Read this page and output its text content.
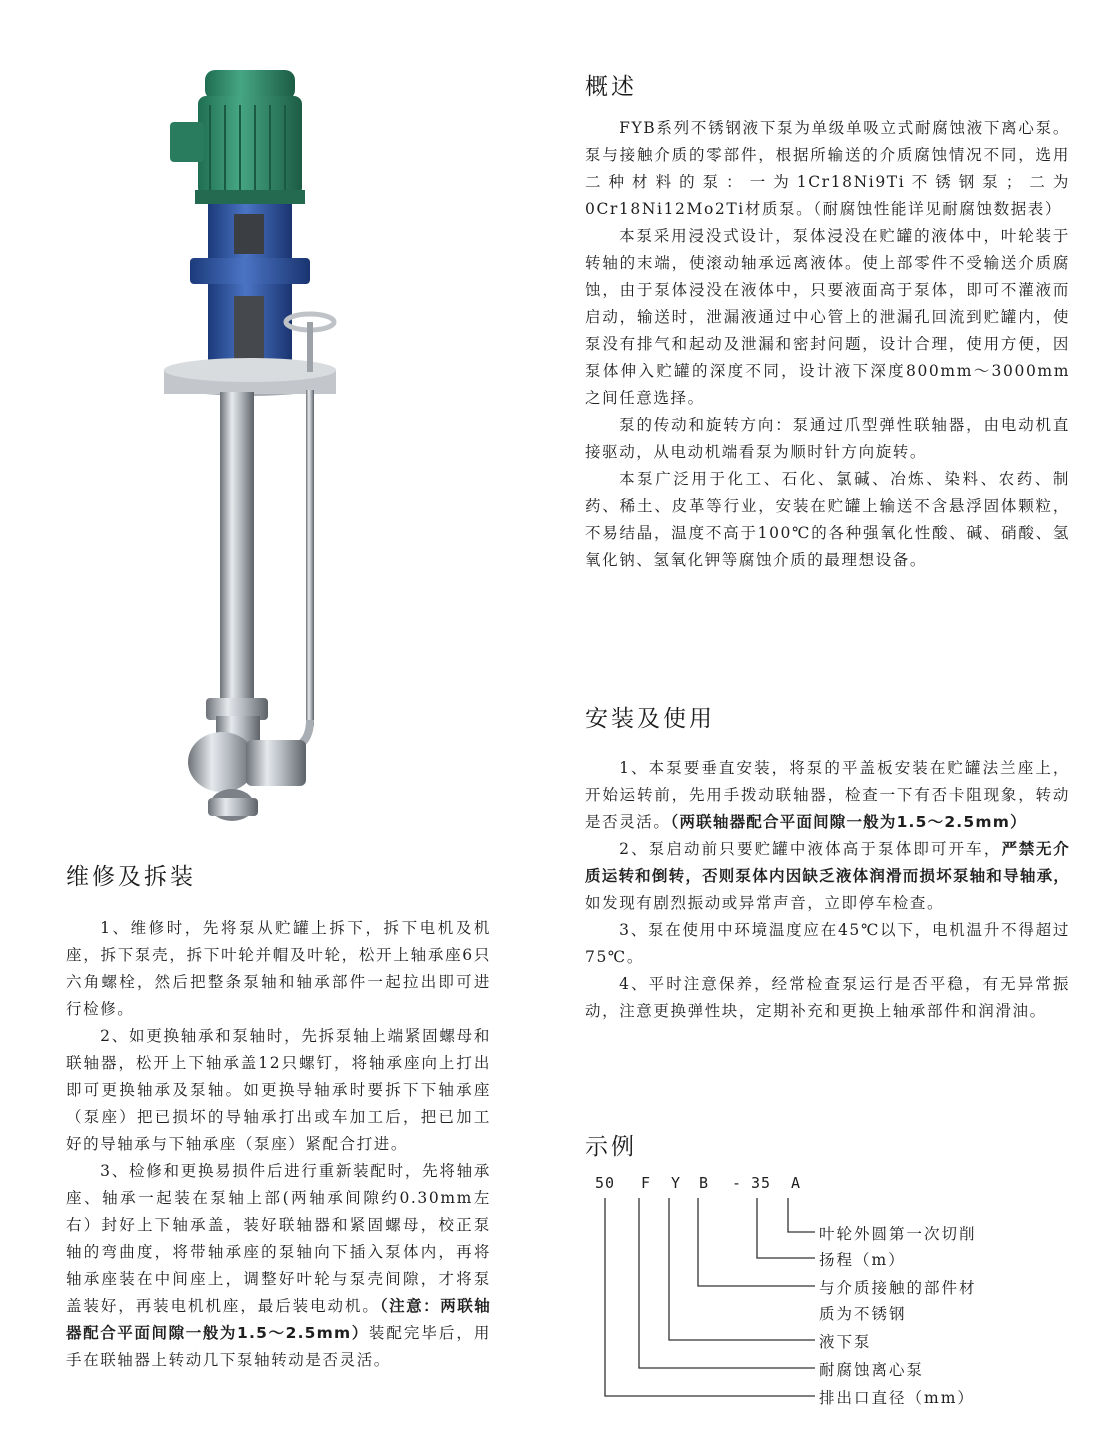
概述

FYB系列不锈钢液下泵为单级单吸立式耐腐蚀液下离心泵。泵与接触介质的零部件，根据所输送的介质腐蚀情况不同，选用二种材料的泵：一为1Cr18Ni9Ti不锈钢泵；二为0Cr18Ni12Mo2Ti材质泵。（耐腐蚀性能详见耐腐蚀数据表）

本泵采用浸没式设计，泵体浸没在贮罐的液体中，叶轮装于转轴的末端，使滚动轴承远离液体。使上部零件不受输送介质腐蚀，由于泵体浸没在液体中，只要液面高于泵体，即可不灌液而启动，输送时，泄漏液通过中心管上的泄漏孔回流到贮罐内，使泵没有排气和起动及泄漏和密封问题，设计合理，使用方便，因泵体伸入贮罐的深度不同，设计液下深度800mm～3000mm之间任意选择。

泵的传动和旋转方向：泵通过爪型弹性联轴器，由电动机直接驱动，从电动机端看泵为顺时针方向旋转。

本泵广泛用于化工、石化、氯碱、冶炼、染料、农药、制药、稀土、皮革等行业，安装在贮罐上输送不含悬浮固体颗粒，不易结晶，温度不高于100℃的各种强氧化性酸、碱、硝酸、氢氧化钠、氢氧化钾等腐蚀介质的最理想设备。

安装及使用

1、本泵要垂直安装，将泵的平盖板安装在贮罐法兰座上，开始运转前，先用手拨动联轴器，检查一下有否卡阻现象，转动是否灵活。（两联轴器配合平面间隙一般为1.5～2.5mm）

2、泵启动前只要贮罐中液体高于泵体即可开车，严禁无介质运转和倒转，否则泵体内因缺乏液体润滑而损坏泵轴和导轴承，如发现有剧烈振动或异常声音，立即停车检查。

3、泵在使用中环境温度应在45℃以下，电机温升不得超过75℃。

4、平时注意保养，经常检查泵运行是否平稳，有无异常振动，注意更换弹性块，定期补充和更换上轴承部件和润滑油。

示例
50 F Y B - 35 A
叶轮外圆第一次切削
扬程（m）
与介质接触的部件材
质为不锈钢
液下泵
耐腐蚀离心泵
排出口直径（mm）
维修及拆装

1、维修时，先将泵从贮罐上拆下，拆下电机及机座，拆下泵壳，拆下叶轮并帽及叶轮，松开上轴承座6只六角螺栓，然后把整条泵轴和轴承部件一起拉出即可进行检修。

2、如更换轴承和泵轴时，先拆泵轴上端紧固螺母和联轴器，松开上下轴承盖12只螺钉，将轴承座向上打出即可更换轴承及泵轴。如更换导轴承时要拆下下轴承座（泵座）把已损坏的导轴承打出或车加工后，把已加工好的导轴承与下轴承座（泵座）紧配合打进。

3、检修和更换易损件后进行重新装配时，先将轴承座、轴承一起装在泵轴上部(两轴承间隙约0.30mm左右）封好上下轴承盖，装好联轴器和紧固螺母，校正泵轴的弯曲度，将带轴承座的泵轴向下插入泵体内，再将轴承座装在中间座上，调整好叶轮与泵壳间隙，才将泵盖装好，再装电机机座，最后装电动机。（注意：两联轴器配合平面间隙一般为1.5～2.5mm）装配完毕后，用手在联轴器上转动几下泵轴转动是否灵活。
